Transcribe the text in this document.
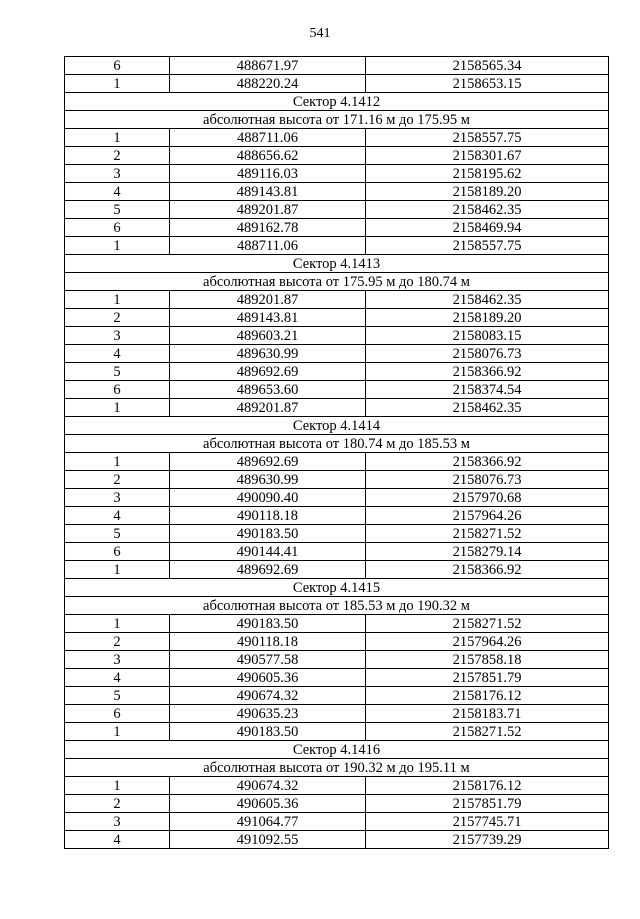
541
6	488671.97	2158565.34
1	488220.24	2158653.15
Сектор 4.1412		
абсолютная высота от 171.16 м до 175.95 м		
1	488711.06	2158557.75
2	488656.62	2158301.67
3	489116.03	2158195.62
4	489143.81	2158189.20
5	489201.87	2158462.35
6	489162.78	2158469.94
1	488711.06	2158557.75
Сектор 4.1413		
абсолютная высота от 175.95 м до 180.74 м		
1	489201.87	2158462.35
2	489143.81	2158189.20
3	489603.21	2158083.15
4	489630.99	2158076.73
5	489692.69	2158366.92
6	489653.60	2158374.54
1	489201.87	2158462.35
Сектор 4.1414		
абсолютная высота от 180.74 м до 185.53 м		
1	489692.69	2158366.92
2	489630.99	2158076.73
3	490090.40	2157970.68
4	490118.18	2157964.26
5	490183.50	2158271.52
6	490144.41	2158279.14
1	489692.69	2158366.92
Сектор 4.1415		
абсолютная высота от 185.53 м до 190.32 м		
1	490183.50	2158271.52
2	490118.18	2157964.26
3	490577.58	2157858.18
4	490605.36	2157851.79
5	490674.32	2158176.12
6	490635.23	2158183.71
1	490183.50	2158271.52
Сектор 4.1416		
абсолютная высота от 190.32 м до 195.11 м		
1	490674.32	2158176.12
2	490605.36	2157851.79
3	491064.77	2157745.71
4	491092.55	2157739.29
